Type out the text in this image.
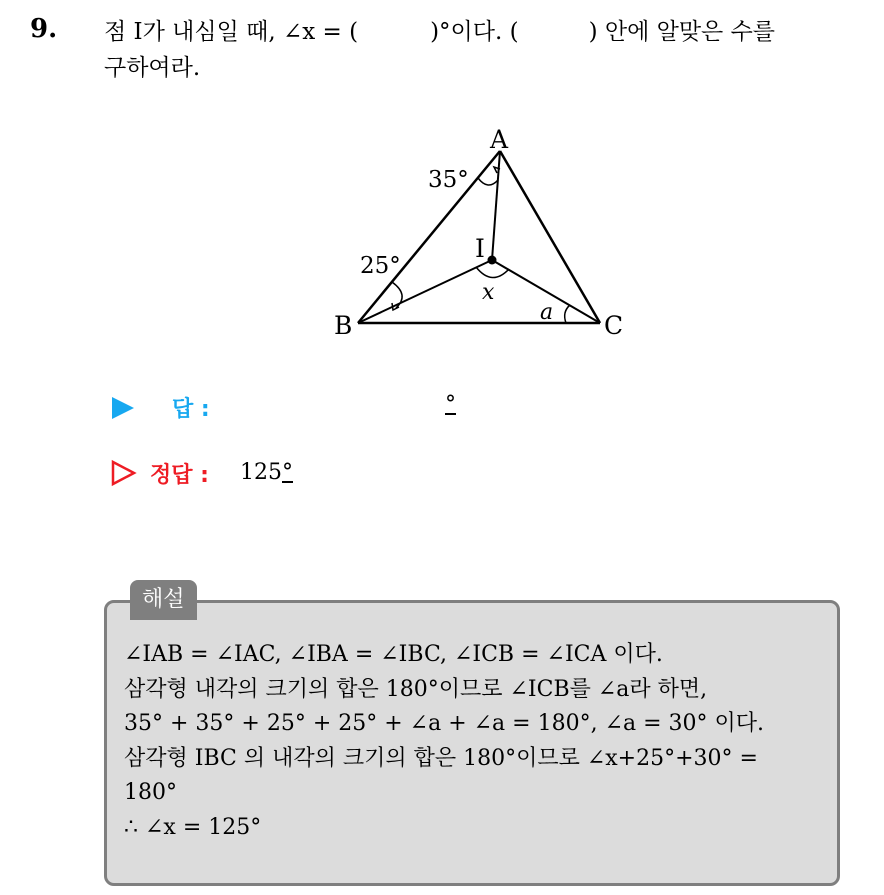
9. 점 I가 내심일 때, ∠x = (	)°이다. (	) 안에 알맞은 수를
구하여라.
A
B	C
I
35°
25°
x
a
답 :	°
정답 : 125°
해설
∠IAB = ∠IAC, ∠IBA = ∠IBC, ∠ICB = ∠ICA 이다.
삼각형 내각의 크기의 합은 180°이므로 ∠ICB를 ∠a라 하면,
35° + 35° + 25° + 25° + ∠a + ∠a = 180°, ∠a = 30° 이다.
삼각형 IBC 의 내각의 크기의 합은 180°이므로 ∠x+25°+30° =
180°
∴ ∠x = 125°
